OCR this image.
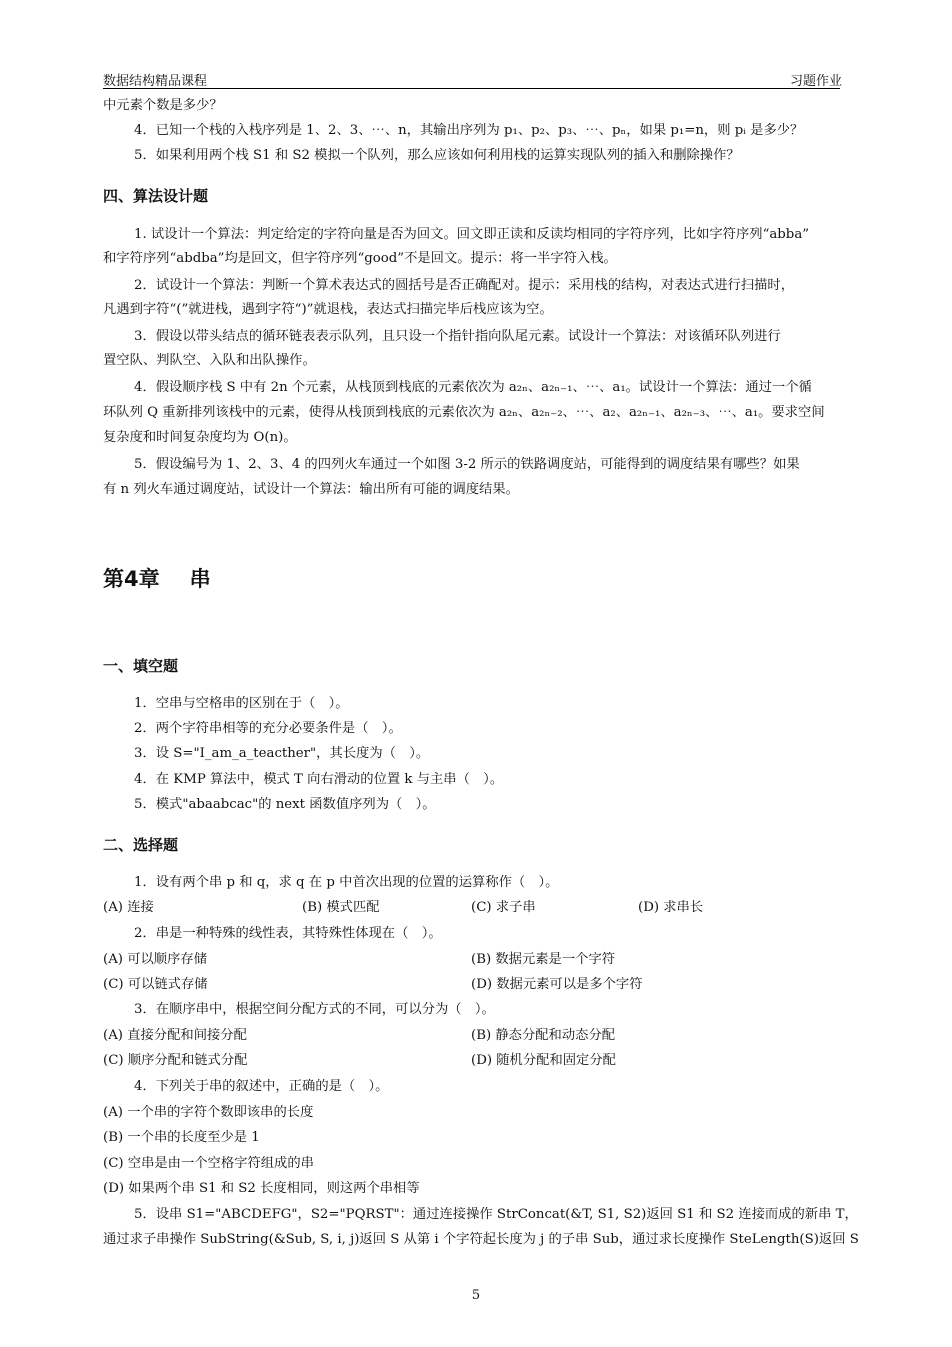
数据结构精品课程	习题作业
中元素个数是多少？
4．已知一个栈的入栈序列是 1、2、3、⋯、n，其输出序列为 p₁、p₂、p₃、⋯、pₙ，如果 p₁=n，则 pᵢ 是多少？
5．如果利用两个栈 S1 和 S2 模拟一个队列，那么应该如何利用栈的运算实现队列的插入和删除操作？
四、算法设计题
1. 试设计一个算法：判定给定的字符向量是否为回文。回文即正读和反读均相同的字符序列，比如字符序列“abba”
和字符序列“abdba”均是回文，但字符序列“good”不是回文。提示：将一半字符入栈。
2．试设计一个算法：判断一个算术表达式的圆括号是否正确配对。提示：采用栈的结构，对表达式进行扫描时，
凡遇到字符“(”就进栈，遇到字符“)”就退栈，表达式扫描完毕后栈应该为空。
3．假设以带头结点的循环链表表示队列，且只设一个指针指向队尾元素。试设计一个算法：对该循环队列进行
置空队、判队空、入队和出队操作。
4．假设顺序栈 S 中有 2n 个元素，从栈顶到栈底的元素依次为 a₂ₙ、a₂ₙ₋₁、⋯、a₁。试设计一个算法：通过一个循
环队列 Q 重新排列该栈中的元素，使得从栈顶到栈底的元素依次为 a₂ₙ、a₂ₙ₋₂、⋯、a₂、a₂ₙ₋₁、a₂ₙ₋₃、⋯、a₁。要求空间
复杂度和时间复杂度均为 O(n)。
5．假设编号为 1、2、3、4 的四列火车通过一个如图 3-2 所示的铁路调度站，可能得到的调度结果有哪些？如果
有 n 列火车通过调度站，试设计一个算法：输出所有可能的调度结果。
第4章 串
一、填空题
1．空串与空格串的区别在于（　）。
2．两个字符串相等的充分必要条件是（　）。
3．设 S="I_am_a_teacther"，其长度为（　）。
4．在 KMP 算法中，模式 T 向右滑动的位置 k 与主串（　）。
5．模式"abaabcac"的 next 函数值序列为（　）。
二、选择题
1．设有两个串 p 和 q，求 q 在 p 中首次出现的位置的运算称作（　）。
(A) 连接	(B) 模式匹配	(C) 求子串	(D) 求串长
2．串是一种特殊的线性表，其特殊性体现在（　）。
(A) 可以顺序存储	(B) 数据元素是一个字符
(C) 可以链式存储	(D) 数据元素可以是多个字符
3．在顺序串中，根据空间分配方式的不同，可以分为（　）。
(A) 直接分配和间接分配	(B) 静态分配和动态分配
(C) 顺序分配和链式分配	(D) 随机分配和固定分配
4．下列关于串的叙述中，正确的是（　）。
(A) 一个串的字符个数即该串的长度
(B) 一个串的长度至少是 1
(C) 空串是由一个空格字符组成的串
(D) 如果两个串 S1 和 S2 长度相同，则这两个串相等
5．设串 S1="ABCDEFG"，S2="PQRST"：通过连接操作 StrConcat(&T, S1, S2)返回 S1 和 S2 连接而成的新串 T，
通过求子串操作 SubString(&Sub, S, i, j)返回 S 从第 i 个字符起长度为 j 的子串 Sub，通过求长度操作 SteLength(S)返回 S
5
